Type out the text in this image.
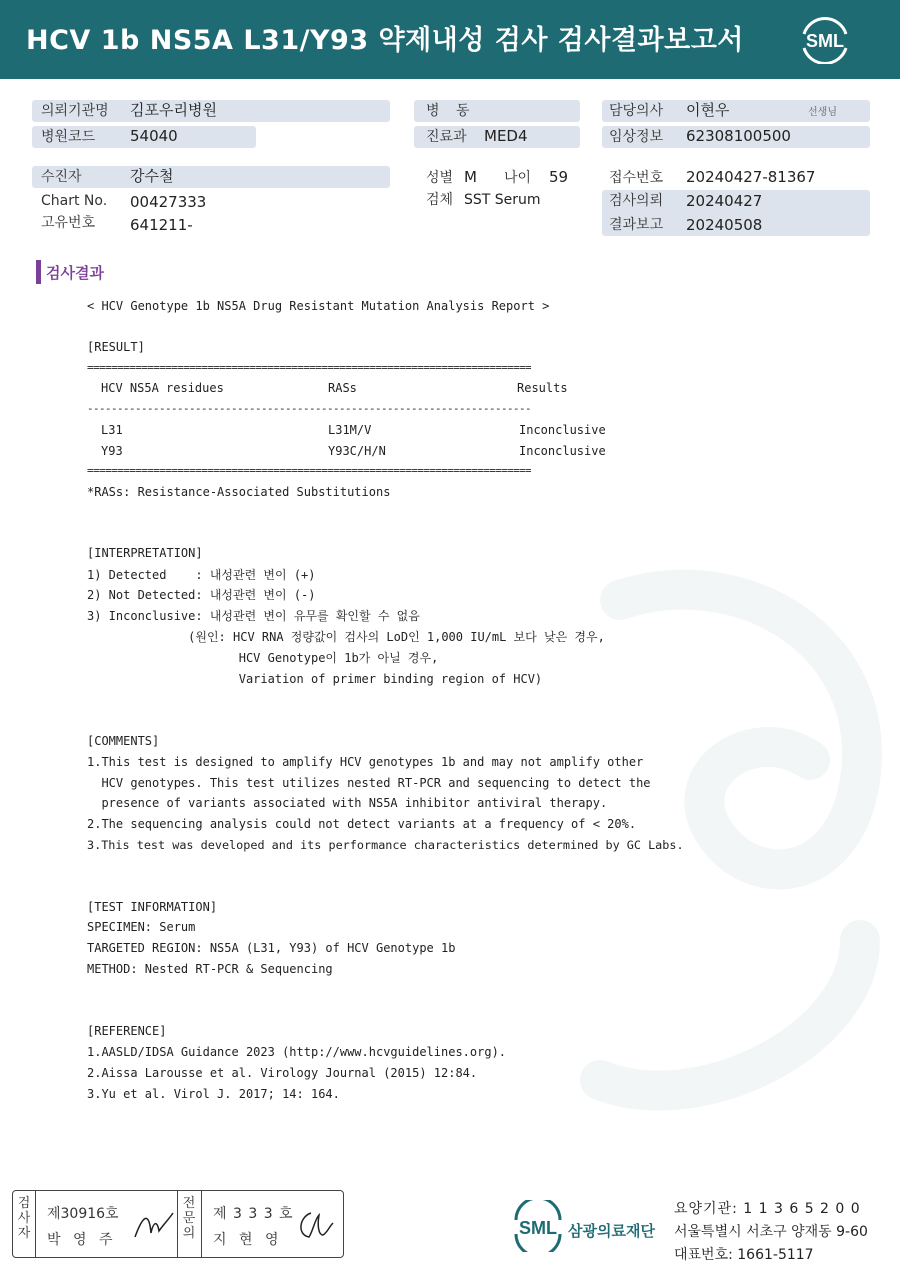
HCV 1b NS5A L31/Y93 약제내성 검사 검사결과보고서	SML
의뢰기관명 김포우리병원
병원코드 54040
병 동
진료과 MED4
담당의사 이현우	선생님
임상정보 62308100500
수진자	강수철
Chart No. 00427333
고유번호 641211-
성별 M 나이 59
검체 SST Serum
접수번호 20240427-81367
검사의뢰 20240427
결과보고 20240508
검사결과
< HCV Genotype 1b NS5A Drug Resistant Mutation Analysis Report >
[RESULT]
==========================================================================
HCV NS5A residues	RASs	Results
--------------------------------------------------------------------------
L31	L31M/V	Inconclusive
Y93	Y93C/H/N	Inconclusive
==========================================================================
*RASs: Resistance-Associated Substitutions
[INTERPRETATION]
1) Detected    : 내성관련 변이 (+)
2) Not Detected: 내성관련 변이 (-)
3) Inconclusive: 내성관련 변이 유무를 확인할 수 없음
(원인: HCV RNA 정량값이 검사의 LoD인 1,000 IU/mL 보다 낮은 경우,
HCV Genotype이 1b가 아닐 경우,
Variation of primer binding region of HCV)
[COMMENTS]
1.This test is designed to amplify HCV genotypes 1b and may not amplify other
HCV genotypes. This test utilizes nested RT-PCR and sequencing to detect the
presence of variants associated with NS5A inhibitor antiviral therapy.
2.The sequencing analysis could not detect variants at a frequency of < 20%.
3.This test was developed and its performance characteristics determined by GC Labs.
[TEST INFORMATION]
SPECIMEN: Serum
TARGETED REGION: NS5A (L31, Y93) of HCV Genotype 1b
METHOD: Nested RT-PCR & Sequencing
[REFERENCE]
1.AASLD/IDSA Guidance 2023 (http://www.hcvguidelines.org).
2.Aissa Larousse et al. Virology Journal (2015) 12:84.
3.Yu et al. Virol J. 2017; 14: 164.
검
사
자
제30916호
박 영 주
전
문
의
제 3 3 3 호
지 현 영
SML 삼광의료재단
요양기관: 1 1 3 6 5 2 0 0
서울특별시 서초구 양재동 9-60
대표번호: 1661-5117
